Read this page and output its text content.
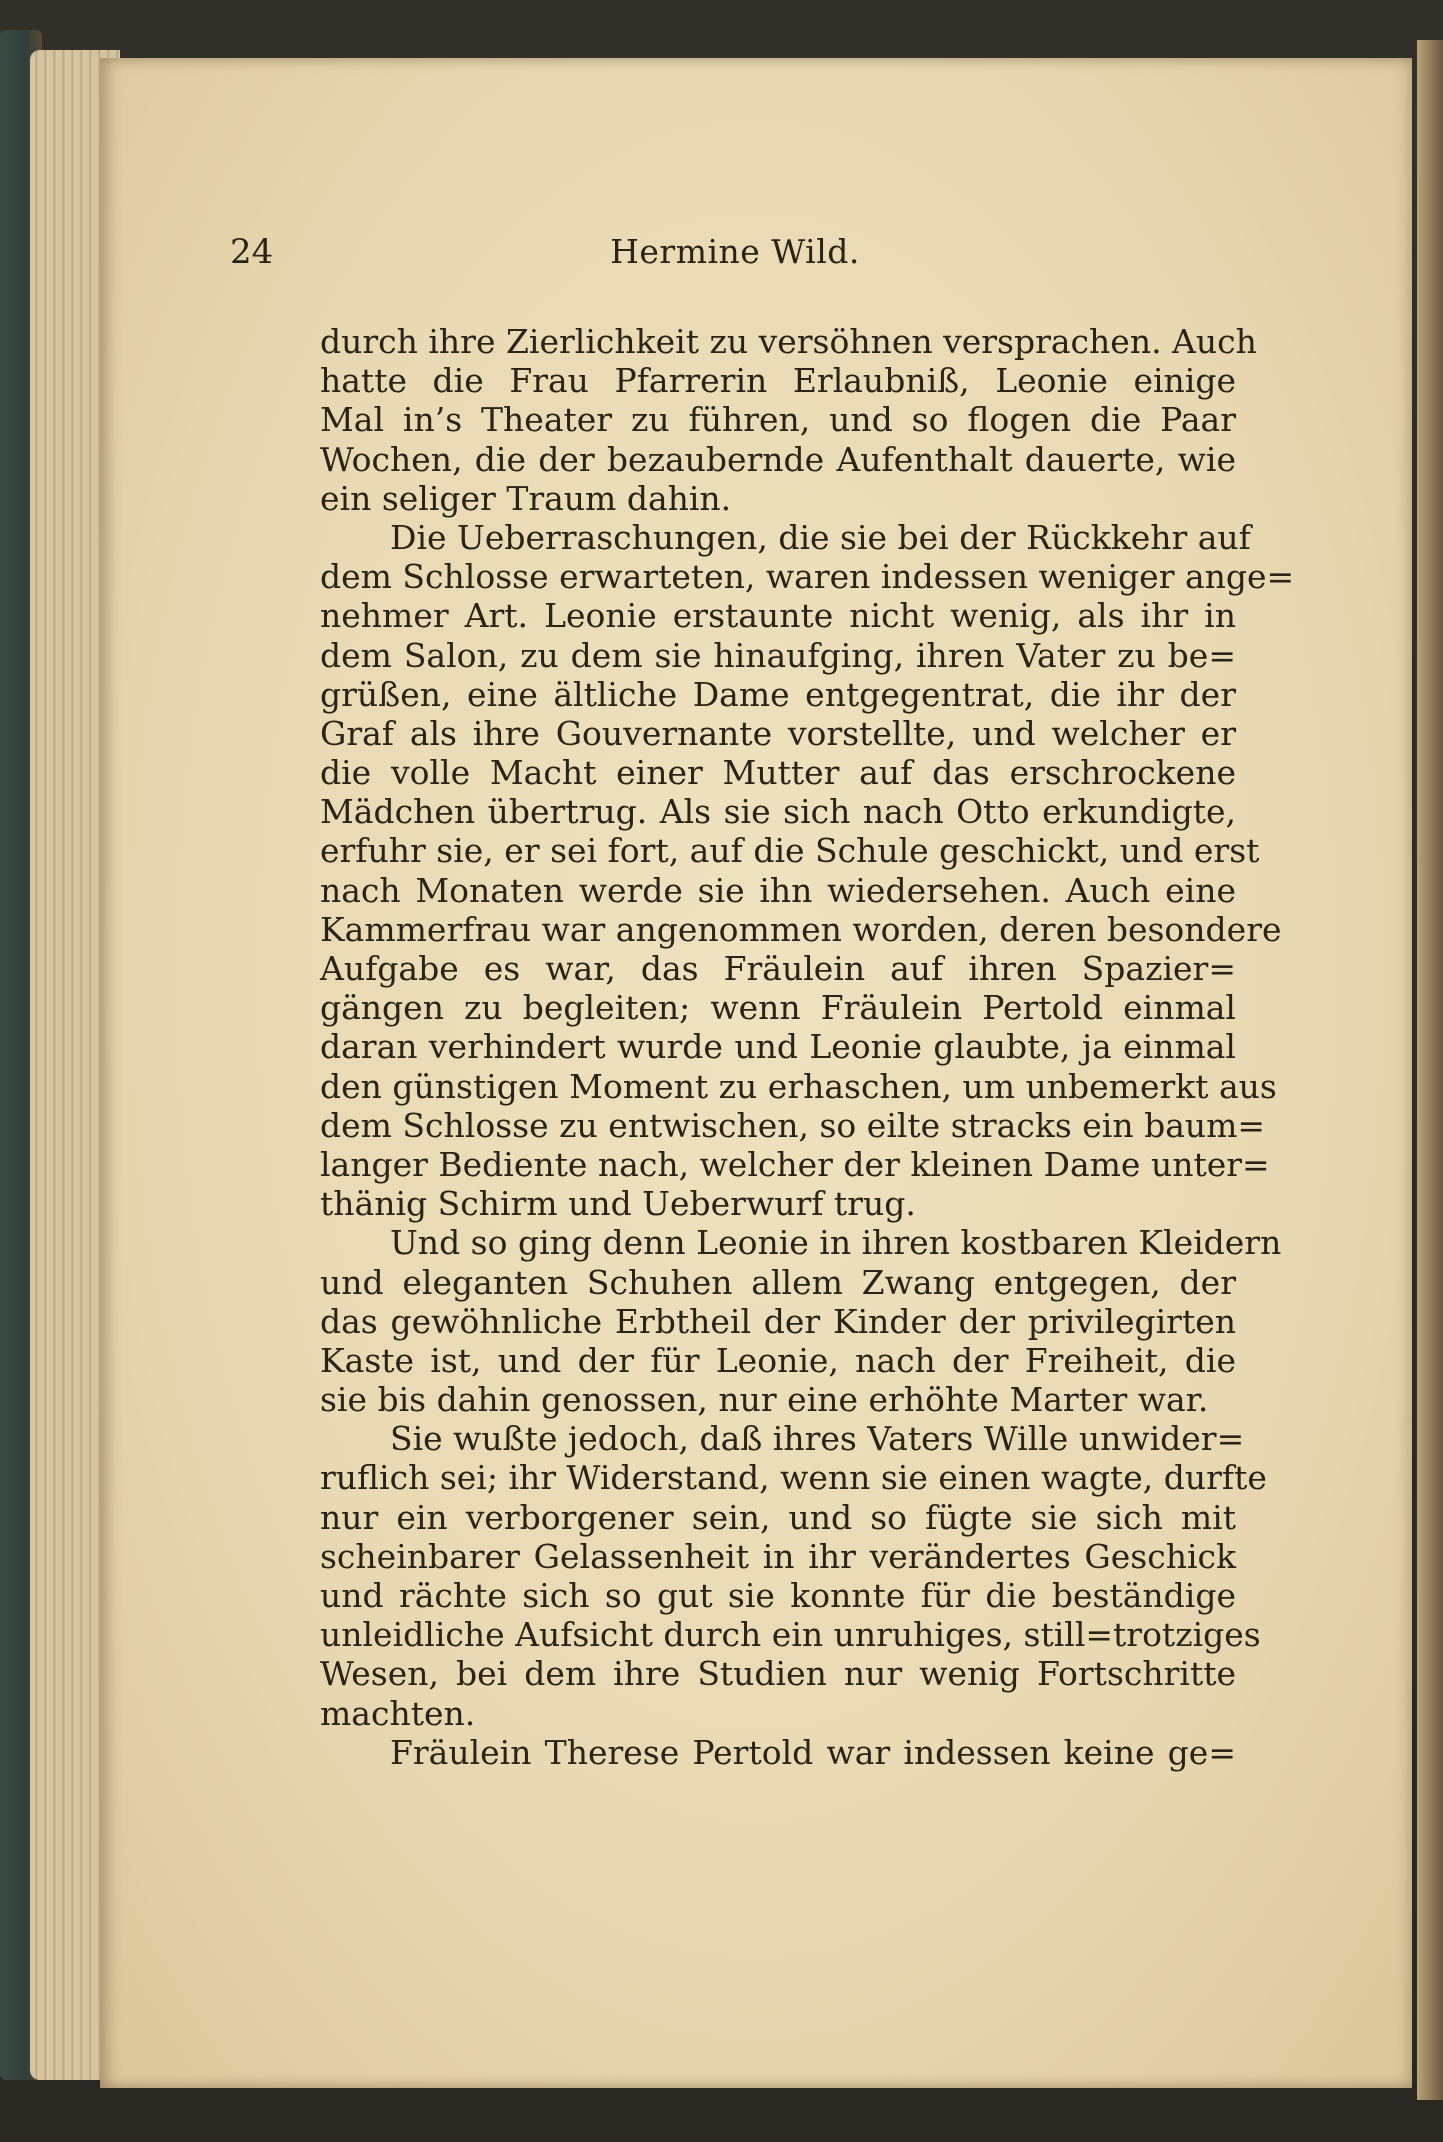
24	Hermine Wild.
durch ihre Zierlichkeit zu versöhnen versprachen. Auch
hatte die Frau Pfarrerin Erlaubniß, Leonie einige
Mal in’s Theater zu führen, und so flogen die Paar
Wochen, die der bezaubernde Aufenthalt dauerte, wie
ein seliger Traum dahin.
Die Ueberraschungen, die sie bei der Rückkehr auf
dem Schlosse erwarteten, waren indessen weniger ange=
nehmer Art. Leonie erstaunte nicht wenig, als ihr in
dem Salon, zu dem sie hinaufging, ihren Vater zu be=
grüßen, eine ältliche Dame entgegentrat, die ihr der
Graf als ihre Gouvernante vorstellte, und welcher er
die volle Macht einer Mutter auf das erschrockene
Mädchen übertrug. Als sie sich nach Otto erkundigte,
erfuhr sie, er sei fort, auf die Schule geschickt, und erst
nach Monaten werde sie ihn wiedersehen. Auch eine
Kammerfrau war angenommen worden, deren besondere
Aufgabe es war, das Fräulein auf ihren Spazier=
gängen zu begleiten; wenn Fräulein Pertold einmal
daran verhindert wurde und Leonie glaubte, ja einmal
den günstigen Moment zu erhaschen, um unbemerkt aus
dem Schlosse zu entwischen, so eilte stracks ein baum=
langer Bediente nach, welcher der kleinen Dame unter=
thänig Schirm und Ueberwurf trug.
Und so ging denn Leonie in ihren kostbaren Kleidern
und eleganten Schuhen allem Zwang entgegen, der
das gewöhnliche Erbtheil der Kinder der privilegirten
Kaste ist, und der für Leonie, nach der Freiheit, die
sie bis dahin genossen, nur eine erhöhte Marter war.
Sie wußte jedoch, daß ihres Vaters Wille unwider=
ruflich sei; ihr Widerstand, wenn sie einen wagte, durfte
nur ein verborgener sein, und so fügte sie sich mit
scheinbarer Gelassenheit in ihr verändertes Geschick
und rächte sich so gut sie konnte für die beständige
unleidliche Aufsicht durch ein unruhiges, still=trotziges
Wesen, bei dem ihre Studien nur wenig Fortschritte
machten.
Fräulein Therese Pertold war indessen keine ge=
